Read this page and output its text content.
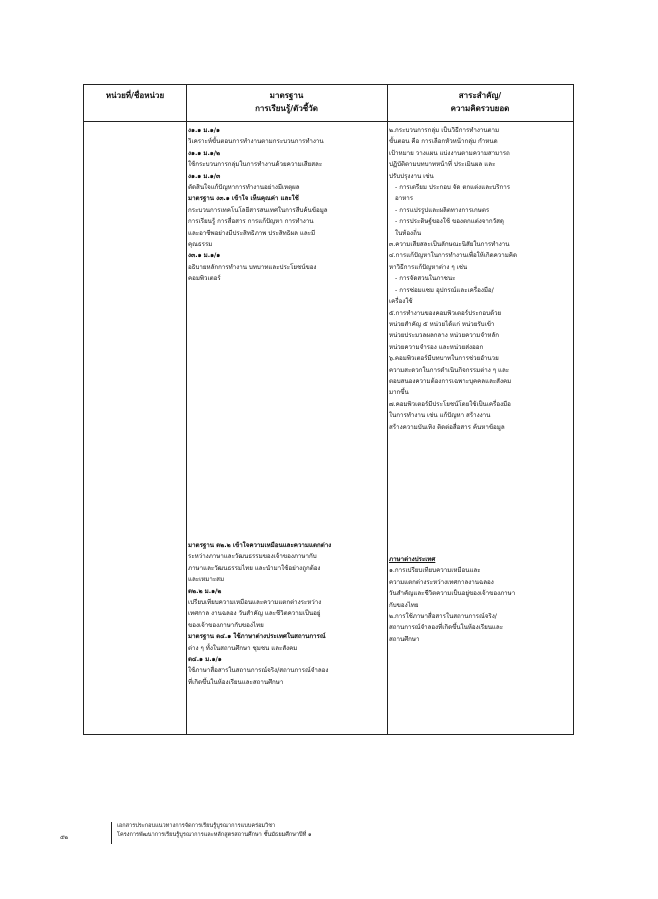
หน่วยที่/ชื่อหน่วย	มาตรฐาน
การเรียนรู้/ตัวชี้วัด
สาระสำคัญ/
ความคิดรวบยอด
ง๑.๑ ม.๑/๑
วิเคราะห์ขั้นตอนการทำงานตามกระบวนการทำงาน
ง๑.๑ ม.๑/๒
ใช้กระบวนการกลุ่มในการทำงานด้วยความเสียสละ
ง๑.๑ ม.๑/๓
ตัดสินใจแก้ปัญหาการทำงานอย่างมีเหตุผล
มาตรฐาน ง๓.๑ เข้าใจ เห็นคุณค่า และใช้
กระบวนการเทคโนโลยีสารสนเทศในการสืบค้นข้อมูล
การเรียนรู้ การสื่อสาร การแก้ปัญหา การทำงาน
และอาชีพอย่างมีประสิทธิภาพ ประสิทธิผล และมี
คุณธรรม
ง๓.๑ ม.๑/๑
อธิบายหลักการทำงาน บทบาทและประโยชน์ของ
คอมพิวเตอร์
มาตรฐาน ต๒.๒ เข้าใจความเหมือนและความแตกต่าง
ระหว่างภาษาและวัฒนธรรมของเจ้าของภาษากับ
ภาษาและวัฒนธรรมไทย และนำมาใช้อย่างถูกต้อง
และเหมาะสม
ต๒.๒ ม.๑/๒
เปรียบเทียบความเหมือนและความแตกต่างระหว่าง
เทศกาล งานฉลอง วันสำคัญ และชีวิตความเป็นอยู่
ของเจ้าของภาษากับของไทย
มาตรฐาน ต๔.๑ ใช้ภาษาต่างประเทศในสถานการณ์
ต่าง ๆ ทั้งในสถานศึกษา ชุมชน และสังคม
ต๔.๑ ม.๑/๑
ใช้ภาษาสื่อสารในสถานการณ์จริง/สถานการณ์จำลอง
ที่เกิดขึ้นในห้องเรียนและสถานศึกษา
๒.กระบวนการกลุ่ม เป็นวิธีการทำงานตาม
ขั้นตอน คือ การเลือกหัวหน้ากลุ่ม กำหนด
เป้าหมาย วางแผน แบ่งงานตามความสามารถ
ปฏิบัติตามบทบาทหน้าที่ ประเมินผล และ
ปรับปรุงงาน เช่น
- การเตรียม ประกอบ จัด ตกแต่งและบริการ
อาหาร
- การแปรรูปและผลิตทางการเกษตร
- การประดิษฐ์ของใช้ ของตกแต่งจากวัสดุ
ในท้องถิ่น
๓.ความเสียสละเป็นลักษณะนิสัยในการทำงาน
๔.การแก้ปัญหาในการทำงานเพื่อให้เกิดความคิด
หาวิธีการแก้ปัญหาต่าง ๆ เช่น
- การจัดสวนในภาชนะ
- การซ่อมแซม อุปกรณ์และเครื่องมือ/
เครื่องใช้
๕.การทำงานของคอมพิวเตอร์ประกอบด้วย
หน่วยสำคัญ ๕ หน่วยได้แก่ หน่วยรับเข้า
หน่วยประมวลผลกลาง หน่วยความจำหลัก
หน่วยความจำรอง และหน่วยส่งออก
๖.คอมพิวเตอร์มีบทบาทในการช่วยอำนวย
ความสะดวกในการดำเนินกิจกรรมต่าง ๆ และ
ตอบสนองความต้องการเฉพาะบุคคลและสังคม
มากขึ้น
๗.คอมพิวเตอร์มีประโยชน์โดยใช้เป็นเครื่องมือ
ในการทำงาน เช่น แก้ปัญหา สร้างงาน
สร้างความบันเทิง ติดต่อสื่อสาร ค้นหาข้อมูล
ภาษาต่างประเทศ
๑.การเปรียบเทียบความเหมือนและ
ความแตกต่างระหว่างเทศกาลงานฉลอง
วันสำคัญและชีวิตความเป็นอยู่ของเจ้าของภาษา
กับของไทย
๒.การใช้ภาษาสื่อสารในสถานการณ์จริง/
สถานการณ์จำลองที่เกิดขึ้นในห้องเรียนและ
สถานศึกษา
๕๒
เอกสารประกอบแนวทางการจัดการเรียนรู้บูรณาการแบบคร่อมวิชา
โครงการพัฒนาการเรียนรู้บูรณาการและหลักสูตรสถานศึกษา ชั้นมัธยมศึกษาปีที่ ๑
